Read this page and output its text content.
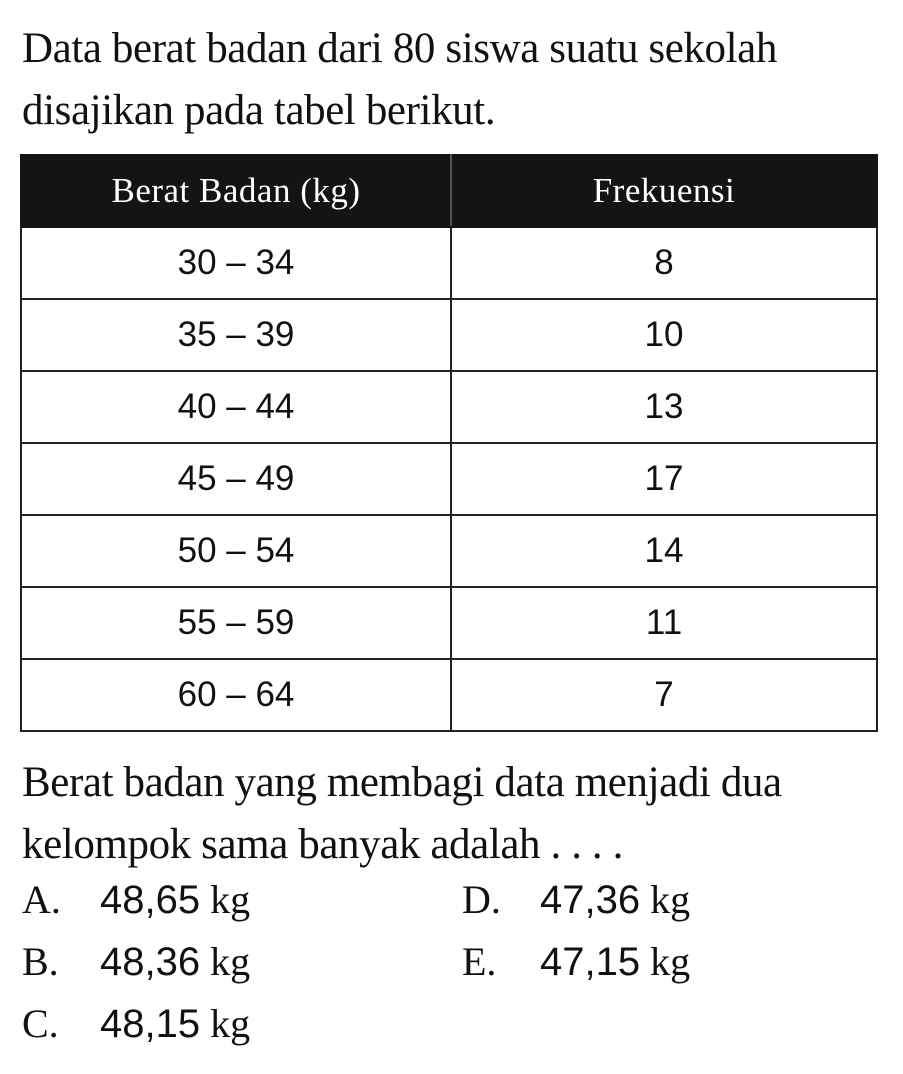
Data berat badan dari 80 siswa suatu sekolah disajikan pada tabel berikut.
Berat Badan (kg)	Frekuensi
30 – 34	8
35 – 39	10
40 – 44	13
45 – 49	17
50 – 54	14
55 – 59	11
60 – 64	7
Berat badan yang membagi data menjadi dua kelompok sama banyak adalah . . . .
A. 48,65 kg
B. 48,36 kg
C. 48,15 kg
D. 47,36 kg
E. 47,15 kg
